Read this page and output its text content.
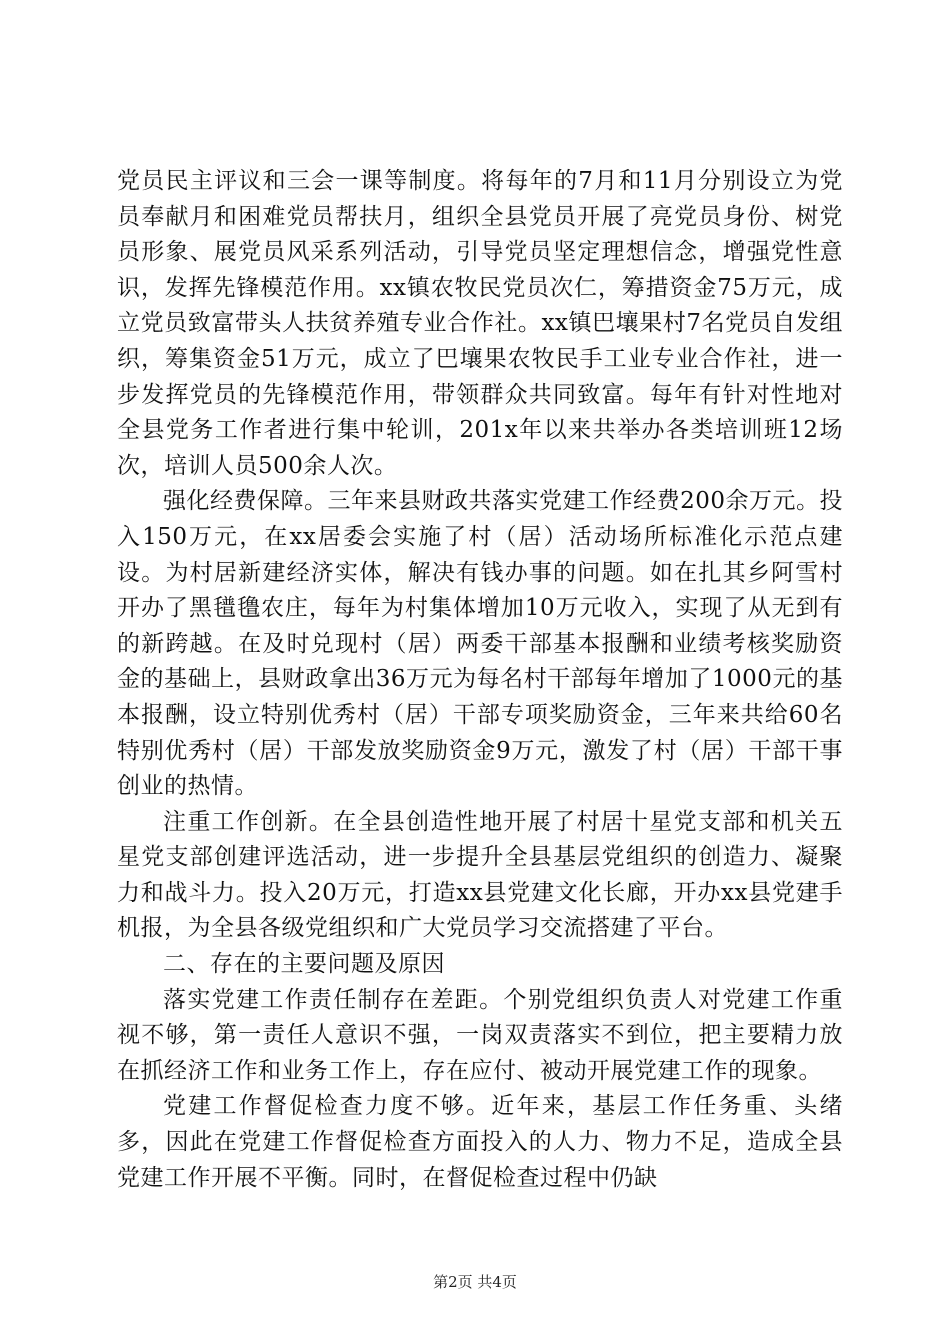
党员民主评议和三会一课等制度。将每年的7月和11月分别设立为党员奉献月和困难党员帮扶月，组织全县党员开展了亮党员身份、树党员形象、展党员风采系列活动，引导党员坚定理想信念，增强党性意识，发挥先锋模范作用。xx镇农牧民党员次仁，筹措资金75万元，成立党员致富带头人扶贫养殖专业合作社。xx镇巴壤果村7名党员自发组织，筹集资金51万元，成立了巴壤果农牧民手工业专业合作社，进一步发挥党员的先锋模范作用，带领群众共同致富。每年有针对性地对全县党务工作者进行集中轮训，201x年以来共举办各类培训班12场次，培训人员500余人次。

强化经费保障。三年来县财政共落实党建工作经费200余万元。投入150万元，在xx居委会实施了村（居）活动场所标准化示范点建设。为村居新建经济实体，解决有钱办事的问题。如在扎其乡阿雪村开办了黑氆氇农庄，每年为村集体增加10万元收入，实现了从无到有的新跨越。在及时兑现村（居）两委干部基本报酬和业绩考核奖励资金的基础上，县财政拿出36万元为每名村干部每年增加了1000元的基本报酬，设立特别优秀村（居）干部专项奖励资金，三年来共给60名特别优秀村（居）干部发放奖励资金9万元，激发了村（居）干部干事创业的热情。

注重工作创新。在全县创造性地开展了村居十星党支部和机关五星党支部创建评选活动，进一步提升全县基层党组织的创造力、凝聚力和战斗力。投入20万元，打造xx县党建文化长廊，开办xx县党建手机报，为全县各级党组织和广大党员学习交流搭建了平台。

二、存在的主要问题及原因

落实党建工作责任制存在差距。个别党组织负责人对党建工作重视不够，第一责任人意识不强，一岗双责落实不到位，把主要精力放在抓经济工作和业务工作上，存在应付、被动开展党建工作的现象。

党建工作督促检查力度不够。近年来，基层工作任务重、头绪多，因此在党建工作督促检查方面投入的人力、物力不足，造成全县党建工作开展不平衡。同时，在督促检查过程中仍缺

第2页 共4页
